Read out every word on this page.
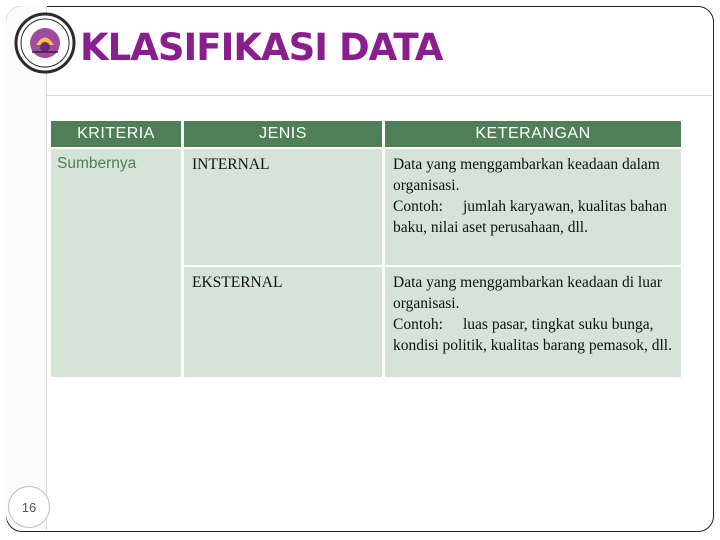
KLASIFIKASI DATA
KRITERIA	JENIS	KETERANGAN
Sumbernya	INTERNAL	Data yang menggambarkan keadaan dalam organisasi.
Contoh: jumlah karyawan, kualitas bahan baku, nilai aset perusahaan, dll.

	EKSTERNAL	Data yang menggambarkan keadaan di luar organisasi.
Contoh: luas pasar, tingkat suku bunga, kondisi politik, kualitas barang pemasok, dll.
16
